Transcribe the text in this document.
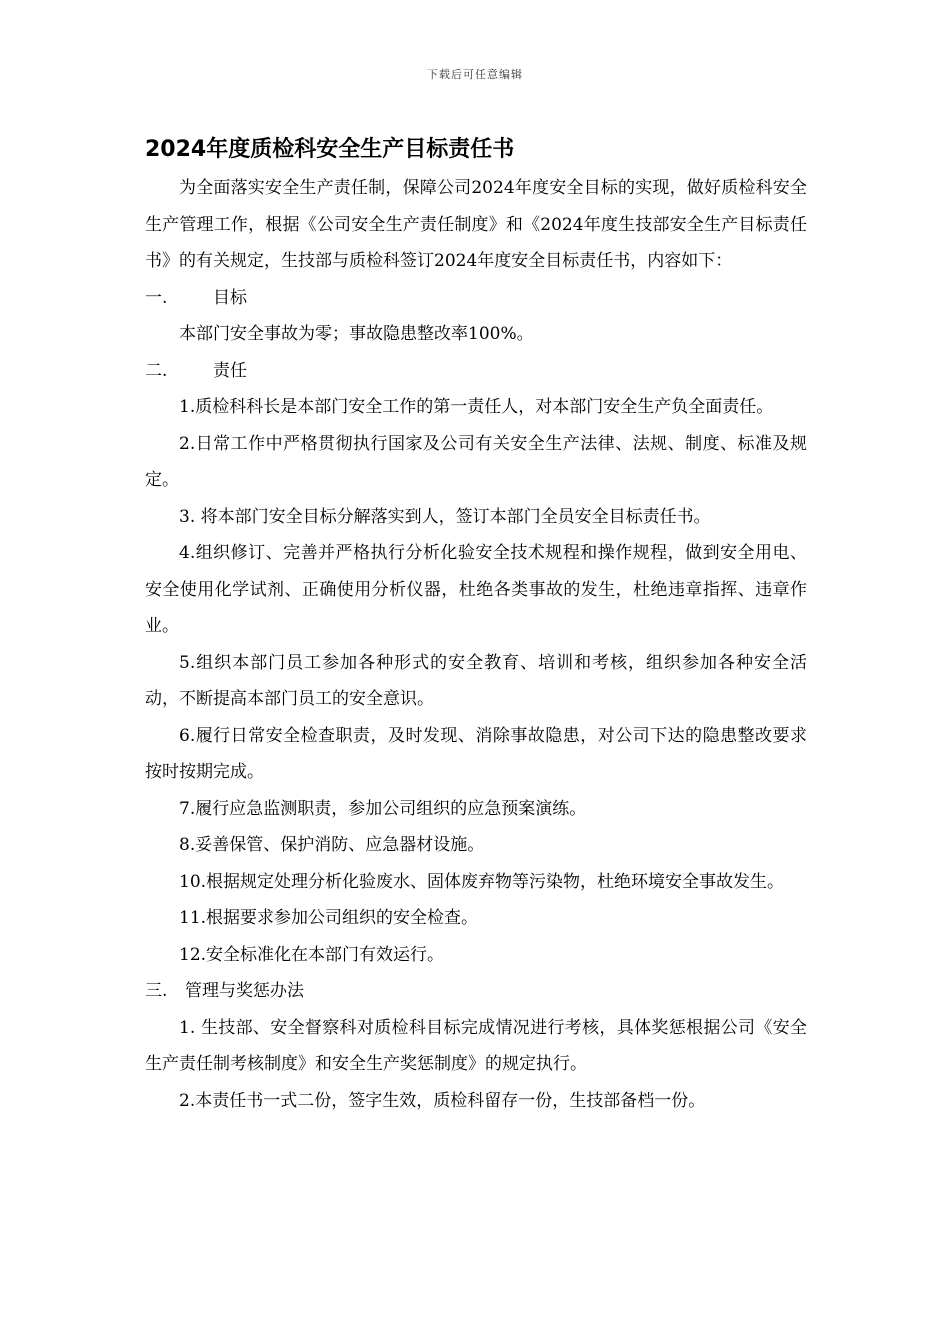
下载后可任意编辑
2024年度质检科安全生产目标责任书

为全面落实安全生产责任制，保障公司2024年度安全目标的实现，做好质检科安全生产管理工作，根据《公司安全生产责任制度》和《2024年度生技部安全生产目标责任书》的有关规定，生技部与质检科签订2024年度安全目标责任书，内容如下：

一.	目标

本部门安全事故为零；事故隐患整改率100%。

二.	责任

1.质检科科长是本部门安全工作的第一责任人，对本部门安全生产负全面责任。

2.日常工作中严格贯彻执行国家及公司有关安全生产法律、法规、制度、标准及规定。

3. 将本部门安全目标分解落实到人，签订本部门全员安全目标责任书。

4.组织修订、完善并严格执行分析化验安全技术规程和操作规程，做到安全用电、安全使用化学试剂、正确使用分析仪器，杜绝各类事故的发生，杜绝违章指挥、违章作业。

5.组织本部门员工参加各种形式的安全教育、培训和考核，组织参加各种安全活动，不断提高本部门员工的安全意识。

6.履行日常安全检查职责，及时发现、消除事故隐患，对公司下达的隐患整改要求按时按期完成。

7.履行应急监测职责，参加公司组织的应急预案演练。

8.妥善保管、保护消防、应急器材设施。

10.根据规定处理分析化验废水、固体废弃物等污染物，杜绝环境安全事故发生。

11.根据要求参加公司组织的安全检查。

12.安全标准化在本部门有效运行。

三.	管理与奖惩办法

1. 生技部、安全督察科对质检科目标完成情况进行考核，具体奖惩根据公司《安全生产责任制考核制度》和安全生产奖惩制度》的规定执行。

2.本责任书一式二份，签字生效，质检科留存一份，生技部备档一份。
